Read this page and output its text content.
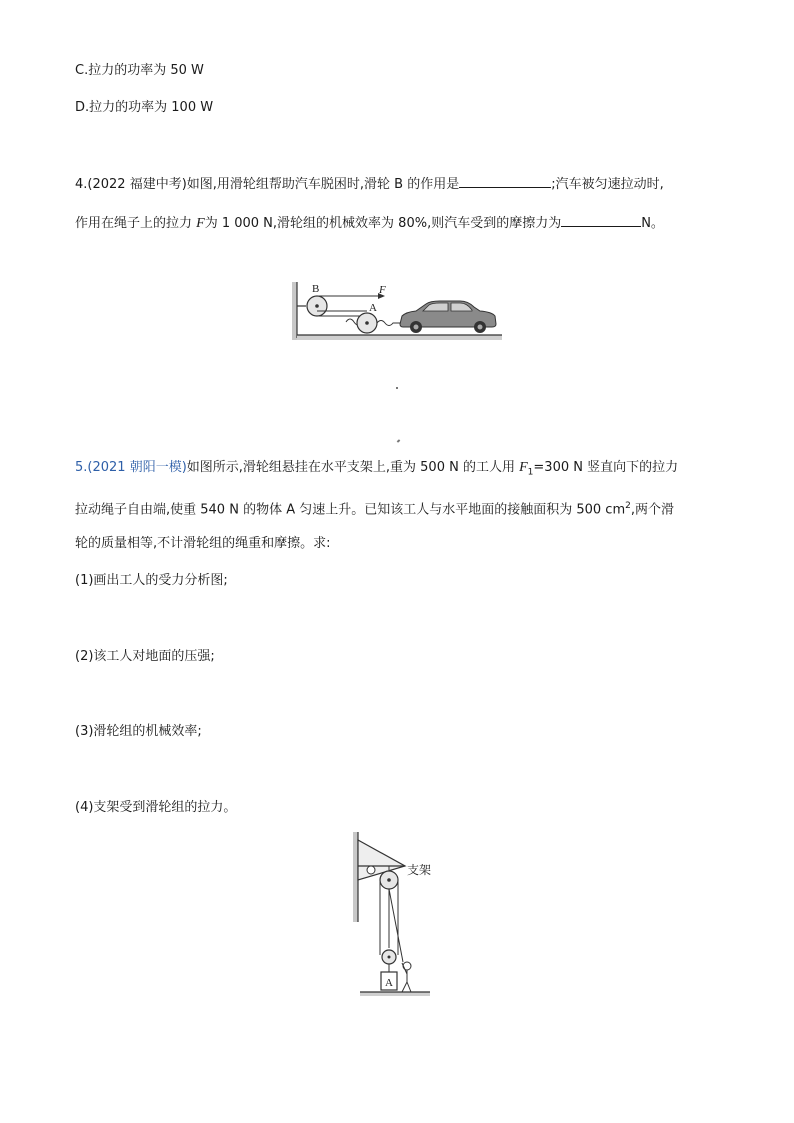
C.拉力的功率为 50 W
D.拉力的功率为 100 W
4.(2022 福建中考)如图,用滑轮组帮助汽车脱困时,滑轮 B 的作用是	;汽车被匀速拉动时,
作用在绳子上的拉力 F为 1 000 N,滑轮组的机械效率为 80%,则汽车受到的摩擦力为	N。
B	F
A
5.(2021 朝阳一模)如图所示,滑轮组悬挂在水平支架上,重为 500 N 的工人用 $F_1=300$ N 竖直向下的拉力
拉动绳子自由端,使重 540 N 的物体 A 匀速上升。已知该工人与水平地面的接触面积为 500 $cm^2$,两个滑
轮的质量相等,不计滑轮组的绳重和摩擦。求:
(1)画出工人的受力分析图;
(2)该工人对地面的压强;
(3)滑轮组的机械效率;
(4)支架受到滑轮组的拉力。
支架
A
